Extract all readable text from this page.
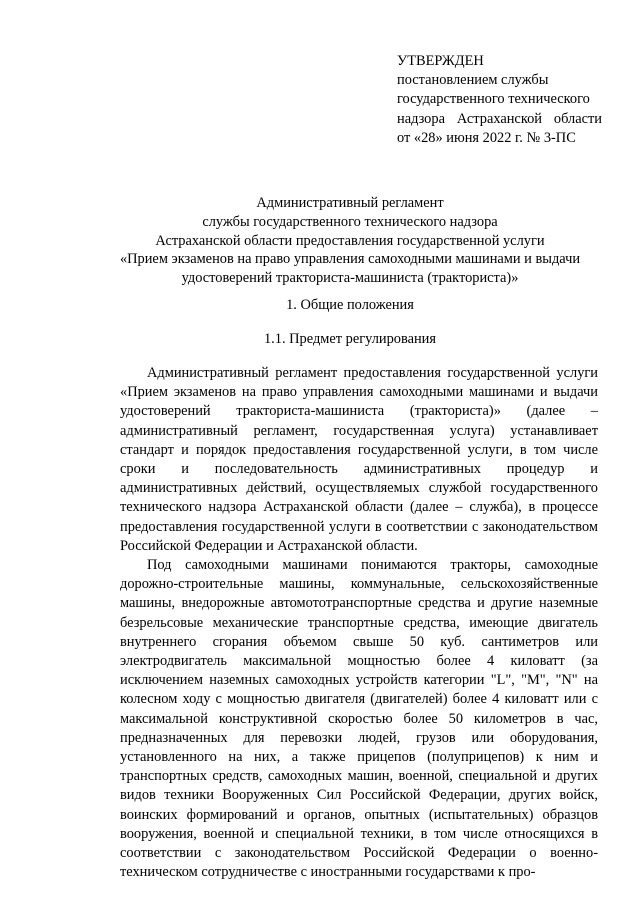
УТВЕРЖДЕН
постановлением службы
государственного технического
надзора Астраханской области
от «28» июня 2022 г. № 3-ПС
Административный регламент
службы государственного технического надзора
Астраханской области предоставления государственной услуги
«Прием экзаменов на право управления самоходными машинами и выдачи
удостоверений тракториста-машиниста (тракториста)»
1. Общие положения
1.1. Предмет регулирования

Административный регламент предоставления государственной услуги «Прием экзаменов на право управления самоходными машинами и выдачи удостоверений тракториста-машиниста (тракториста)» (далее – административный регламент, государственная услуга) устанавливает стандарт и порядок предоставления государственной услуги, в том числе сроки и последовательность административных процедур и административных действий, осуществляемых службой государственного технического надзора Астраханской области (далее – служба), в процессе предоставления государственной услуги в соответствии с законодательством Российской Федерации и Астраханской области.

Под самоходными машинами понимаются тракторы, самоходные дорожно-строительные машины, коммунальные, сельскохозяйственные машины, внедорожные автомототранспортные средства и другие наземные безрельсовые механические транспортные средства, имеющие двигатель внутреннего сгорания объемом свыше 50 куб. сантиметров или электродвигатель максимальной мощностью более 4 киловатт (за исключением наземных самоходных устройств категории "L", "M", "N" на колесном ходу с мощностью двигателя (двигателей) более 4 киловатт или с максимальной конструктивной скоростью более 50 километров в час, предназначенных для перевозки людей, грузов или оборудования, установленного на них, а также прицепов (полуприцепов) к ним и транспортных средств, самоходных машин, военной, специальной и других видов техники Вооруженных Сил Российской Федерации, других войск, воинских формирований и органов, опытных (испытательных) образцов вооружения, военной и специальной техники, в том числе относящихся в соответствии с законодательством Российской Федерации о военно-техническом сотрудничестве с иностранными государствами к про-
